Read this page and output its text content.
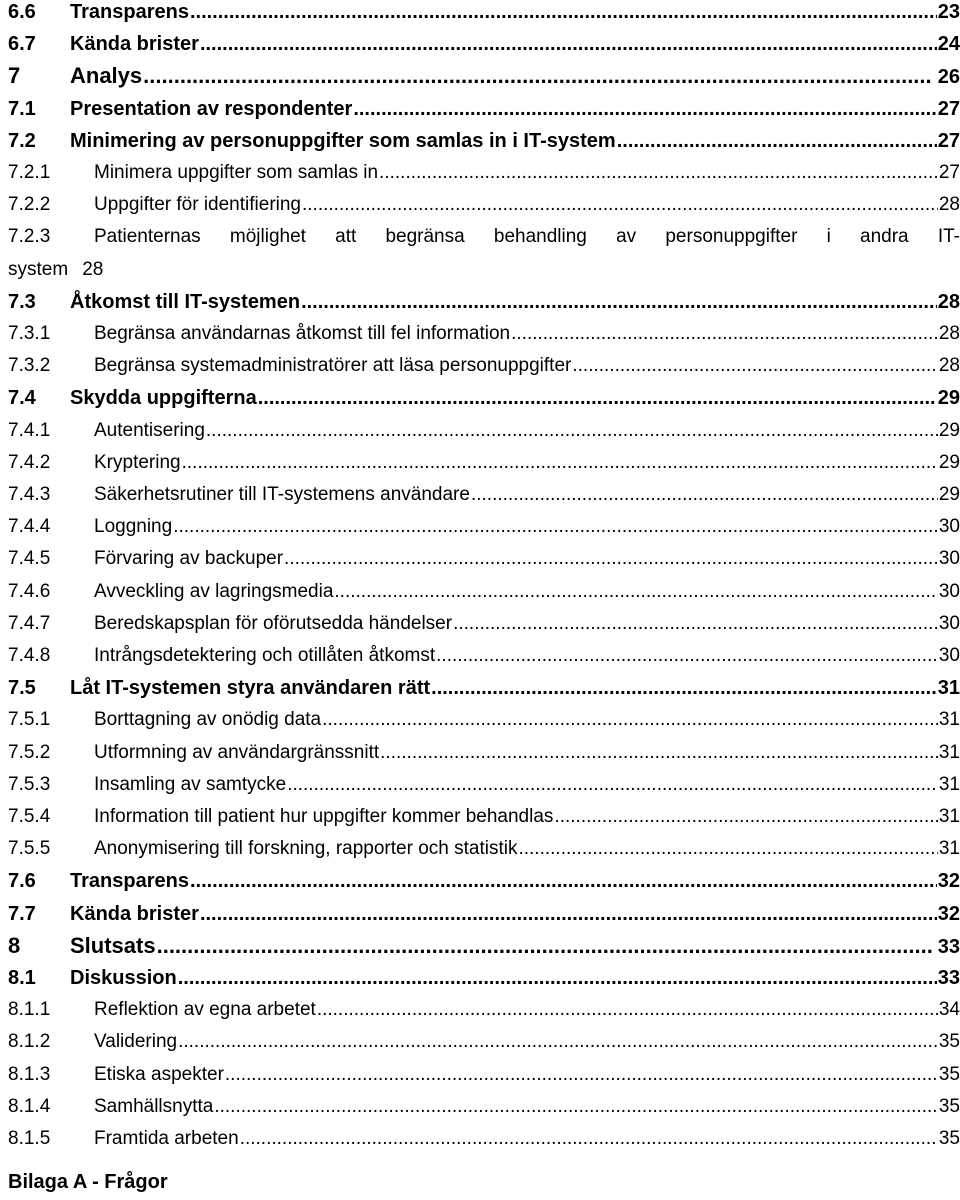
6.6	Transparens .....	23
6.7	Kända brister .....	24
7	Analys .....	26
7.1	Presentation av respondenter .....	27
7.2	Minimering av personuppgifter som samlas in i IT-system .....	27
7.2.1	Minimera uppgifter som samlas in .....	27
7.2.2	Uppgifter för identifiering .....	28
7.2.3 Patienternas möjlighet att begränsa behandling av personuppgifter i andra IT-
system 28
7.3	Åtkomst till IT-systemen .....	28
7.3.1	Begränsa användarnas åtkomst till fel information .....	28
7.3.2	Begränsa systemadministratörer att läsa personuppgifter .....	28
7.4	Skydda uppgifterna .....	29
7.4.1	Autentisering .....	29
7.4.2	Kryptering .....	29
7.4.3	Säkerhetsrutiner till IT-systemens användare .....	29
7.4.4	Loggning .....	30
7.4.5	Förvaring av backuper .....	30
7.4.6	Avveckling av lagringsmedia .....	30
7.4.7	Beredskapsplan för oförutsedda händelser .....	30
7.4.8	Intrångsdetektering och otillåten åtkomst .....	30
7.5	Låt IT-systemen styra användaren rätt .....	31
7.5.1	Borttagning av onödig data .....	31
7.5.2	Utformning av användargränssnitt .....	31
7.5.3	Insamling av samtycke .....	31
7.5.4	Information till patient hur uppgifter kommer behandlas .....	31
7.5.5	Anonymisering till forskning, rapporter och statistik .....	31
7.6	Transparens .....	32
7.7	Kända brister .....	32
8	Slutsats .....	33
8.1	Diskussion .....	33
8.1.1	Reflektion av egna arbetet .....	34
8.1.2	Validering .....	35
8.1.3	Etiska aspekter .....	35
8.1.4	Samhällsnytta .....	35
8.1.5	Framtida arbeten .....	35
Bilaga A - Frågor
